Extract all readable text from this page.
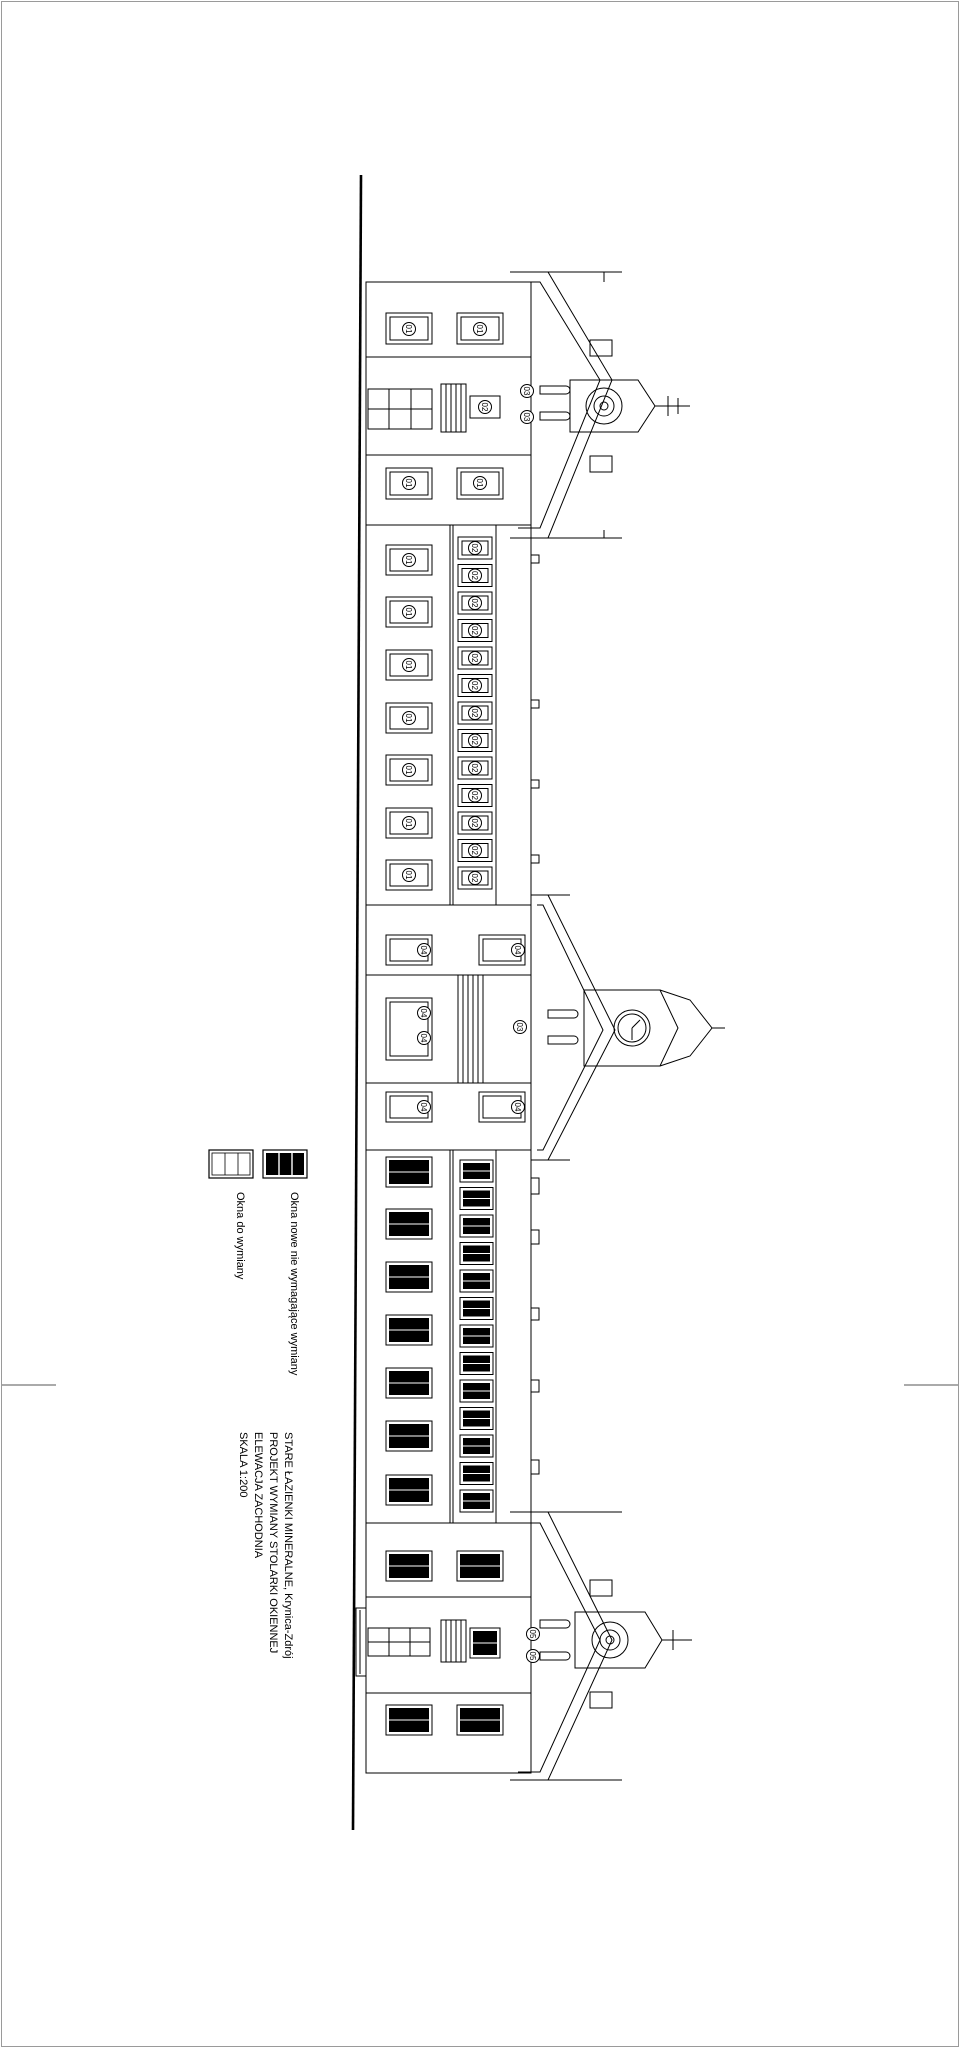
01	01
01	01
02
03
03
01
01
01
01
01
01
01
02
02
02
02
02
02
02
02
02
02
02
02
02
04	04
04
04
04	04
03
05
05
Okna nowe nie wymagające wymiany
Okna do wymiany
STARE ŁAZIENKI MINERALNE, Krynica-Zdrój
PROJEKT WYMIANY STOLARKI OKIENNEJ
ELEWACJA ZACHODNIA
SKALA 1:200
